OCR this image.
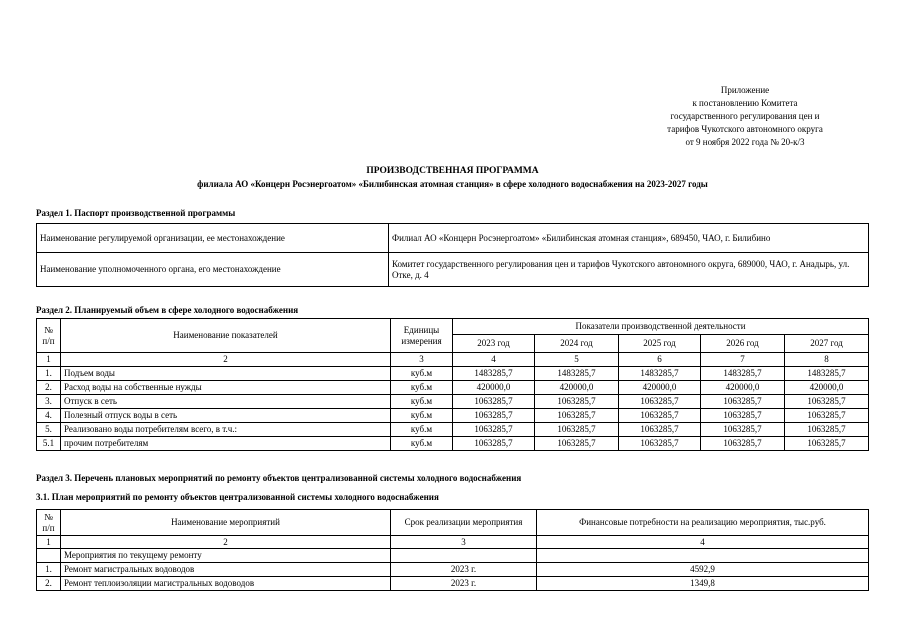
Приложение
к постановлению Комитета
государственного регулирования цен и
тарифов Чукотского автономного округа
от 9 ноября 2022 года № 20-к/3
ПРОИЗВОДСТВЕННАЯ ПРОГРАММА
филиала АО «Концерн Росэнергоатом» «Билибинская атомная станция» в сфере холодного водоснабжения на 2023-2027 годы
Раздел 1. Паспорт производственной программы
Наименование регулируемой организации, ее местонахождение	Филиал АО «Концерн Росэнергоатом» «Билибинская атомная станция», 689450, ЧАО, г. Билибино
Наименование уполномоченного органа, его местонахождение	Комитет государственного регулирования цен и тарифов Чукотского автономного округа, 689000, ЧАО, г. Анадырь, ул. Отке, д. 4
Раздел 2. Планируемый объем в сфере холодного водоснабжения
№ п/п	Наименование показателей	Единицы измерения	Показатели производственной деятельности				
			2023 год	2024 год	2025 год	2026 год	2027 год
1	2	3	4	5	6	7	8
1.	Подъем воды	куб.м	1483285,7	1483285,7	1483285,7	1483285,7	1483285,7
2.	Расход воды на собственные нужды	куб.м	420000,0	420000,0	420000,0	420000,0	420000,0
3.	Отпуск в сеть	куб.м	1063285,7	1063285,7	1063285,7	1063285,7	1063285,7
4.	Полезный отпуск воды в сеть	куб.м	1063285,7	1063285,7	1063285,7	1063285,7	1063285,7
5.	Реализовано воды потребителям всего, в т.ч.:	куб.м	1063285,7	1063285,7	1063285,7	1063285,7	1063285,7
5.1	прочим потребителям	куб.м	1063285,7	1063285,7	1063285,7	1063285,7	1063285,7
Раздел 3. Перечень плановых мероприятий по ремонту объектов централизованной системы холодного водоснабжения
3.1. План мероприятий по ремонту объектов централизованной системы холодного водоснабжения
№ п/п	Наименование мероприятий	Срок реализации мероприятия	Финансовые потребности на реализацию мероприятия, тыс.руб.
1	2	3	4
	Мероприятия по текущему ремонту		
1.	Ремонт магистральных водоводов	2023 г.	4592,9
2.	Ремонт теплоизоляции магистральных водоводов	2023 г.	1349,8
